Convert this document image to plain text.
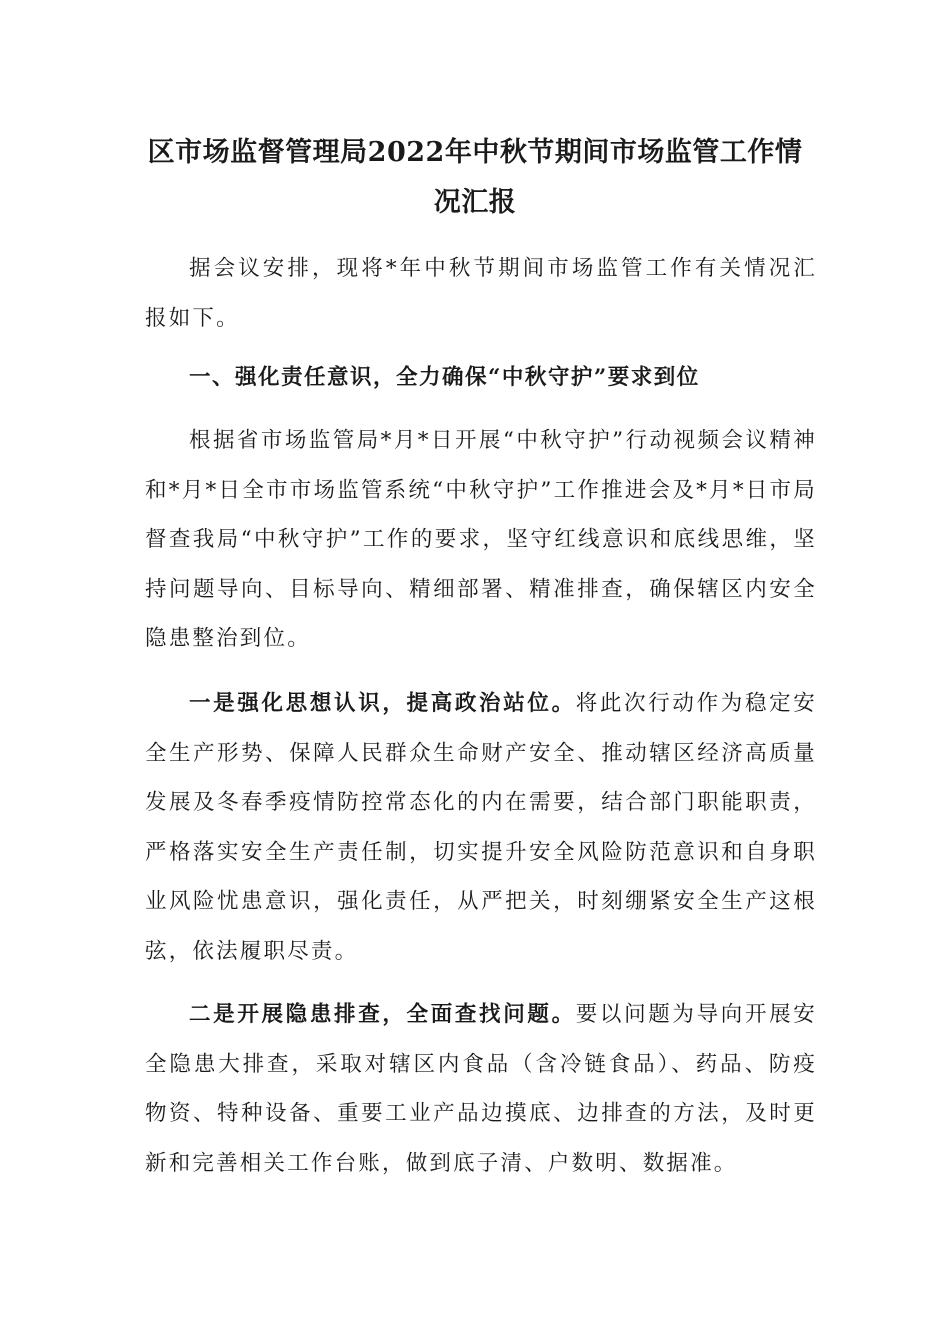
区市场监督管理局2022年中秋节期间市场监管工作情况汇报

据会议安排，现将*年中秋节期间市场监管工作有关情况汇报如下。

一、强化责任意识，全力确保“中秋守护”要求到位

根据省市场监管局*月*日开展“中秋守护”行动视频会议精神和*月*日全市市场监管系统“中秋守护”工作推进会及*月*日市局督查我局“中秋守护”工作的要求，坚守红线意识和底线思维，坚持问题导向、目标导向、精细部署、精准排查，确保辖区内安全隐患整治到位。

一是强化思想认识，提高政治站位。将此次行动作为稳定安全生产形势、保障人民群众生命财产安全、推动辖区经济高质量发展及冬春季疫情防控常态化的内在需要，结合部门职能职责，严格落实安全生产责任制，切实提升安全风险防范意识和自身职业风险忧患意识，强化责任，从严把关，时刻绷紧安全生产这根弦，依法履职尽责。

二是开展隐患排查，全面查找问题。要以问题为导向开展安全隐患大排查，采取对辖区内食品（含冷链食品）、药品、防疫物资、特种设备、重要工业产品边摸底、边排查的方法，及时更新和完善相关工作台账，做到底子清、户数明、数据准。
